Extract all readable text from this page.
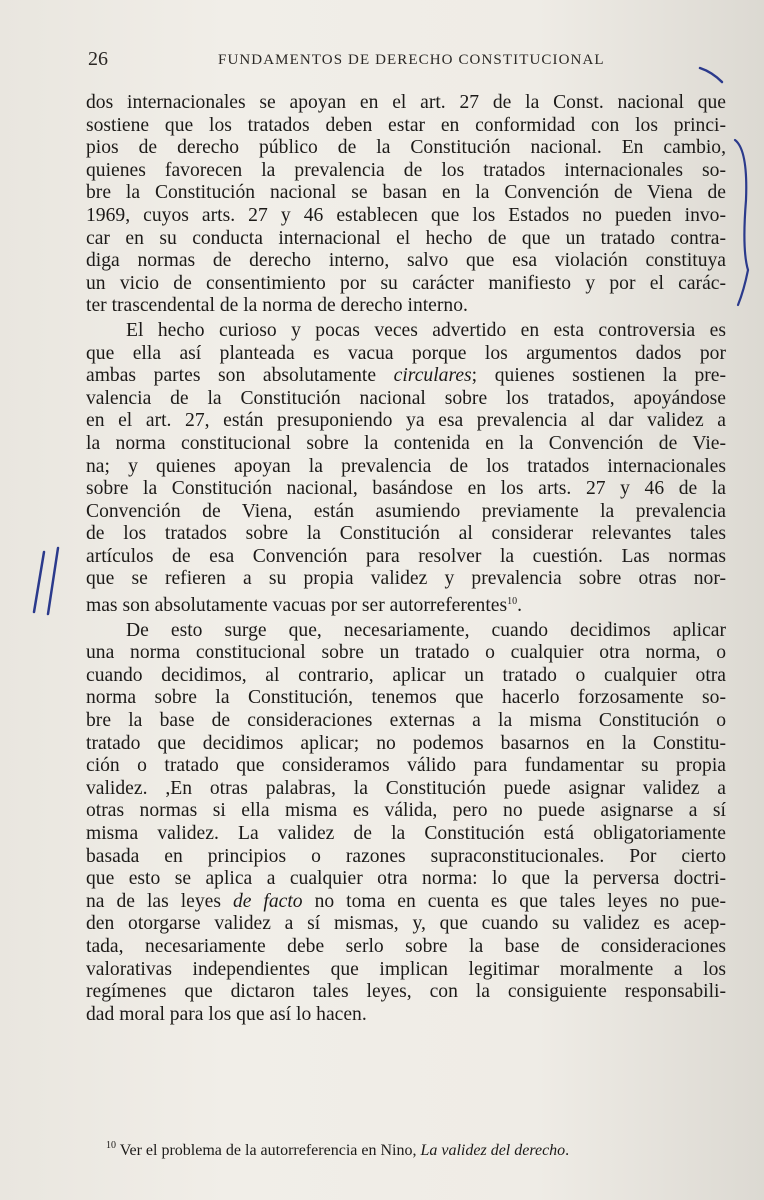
26	FUNDAMENTOS DE DERECHO CONSTITUCIONAL
dos internacionales se apoyan en el art. 27 de la Const. nacional que
sostiene que los tratados deben estar en conformidad con los princi-
pios de derecho público de la Constitución nacional. En cambio,
quienes favorecen la prevalencia de los tratados internacionales so-
bre la Constitución nacional se basan en la Convención de Viena de
1969, cuyos arts. 27 y 46 establecen que los Estados no pueden invo-
car en su conducta internacional el hecho de que un tratado contra-
diga normas de derecho interno, salvo que esa violación constituya
un vicio de consentimiento por su carácter manifiesto y por el carác-
ter trascendental de la norma de derecho interno.
El hecho curioso y pocas veces advertido en esta controversia es
que ella así planteada es vacua porque los argumentos dados por
ambas partes son absolutamente circulares; quienes sostienen la pre-
valencia de la Constitución nacional sobre los tratados, apoyándose
en el art. 27, están presuponiendo ya esa prevalencia al dar validez a
la norma constitucional sobre la contenida en la Convención de Vie-
na; y quienes apoyan la prevalencia de los tratados internacionales
sobre la Constitución nacional, basándose en los arts. 27 y 46 de la
Convención de Viena, están asumiendo previamente la prevalencia
de los tratados sobre la Constitución al considerar relevantes tales
artículos de esa Convención para resolver la cuestión. Las normas
que se refieren a su propia validez y prevalencia sobre otras nor-
mas son absolutamente vacuas por ser autorreferentes$^{10}$.
De esto surge que, necesariamente, cuando decidimos aplicar
una norma constitucional sobre un tratado o cualquier otra norma, o
cuando decidimos, al contrario, aplicar un tratado o cualquier otra
norma sobre la Constitución, tenemos que hacerlo forzosamente so-
bre la base de consideraciones externas a la misma Constitución o
tratado que decidimos aplicar; no podemos basarnos en la Constitu-
ción o tratado que consideramos válido para fundamentar su propia
validez. ,En otras palabras, la Constitución puede asignar validez a
otras normas si ella misma es válida, pero no puede asignarse a sí
misma validez. La validez de la Constitución está obligatoriamente
basada en principios o razones supraconstitucionales. Por cierto
que esto se aplica a cualquier otra norma: lo que la perversa doctri-
na de las leyes de facto no toma en cuenta es que tales leyes no pue-
den otorgarse validez a sí mismas, y, que cuando su validez es acep-
tada, necesariamente debe serlo sobre la base de consideraciones
valorativas independientes que implican legitimar moralmente a los
regímenes que dictaron tales leyes, con la consiguiente responsabili-
dad moral para los que así lo hacen.
$^{10}$ Ver el problema de la autorreferencia en Nino, La validez del derecho.
